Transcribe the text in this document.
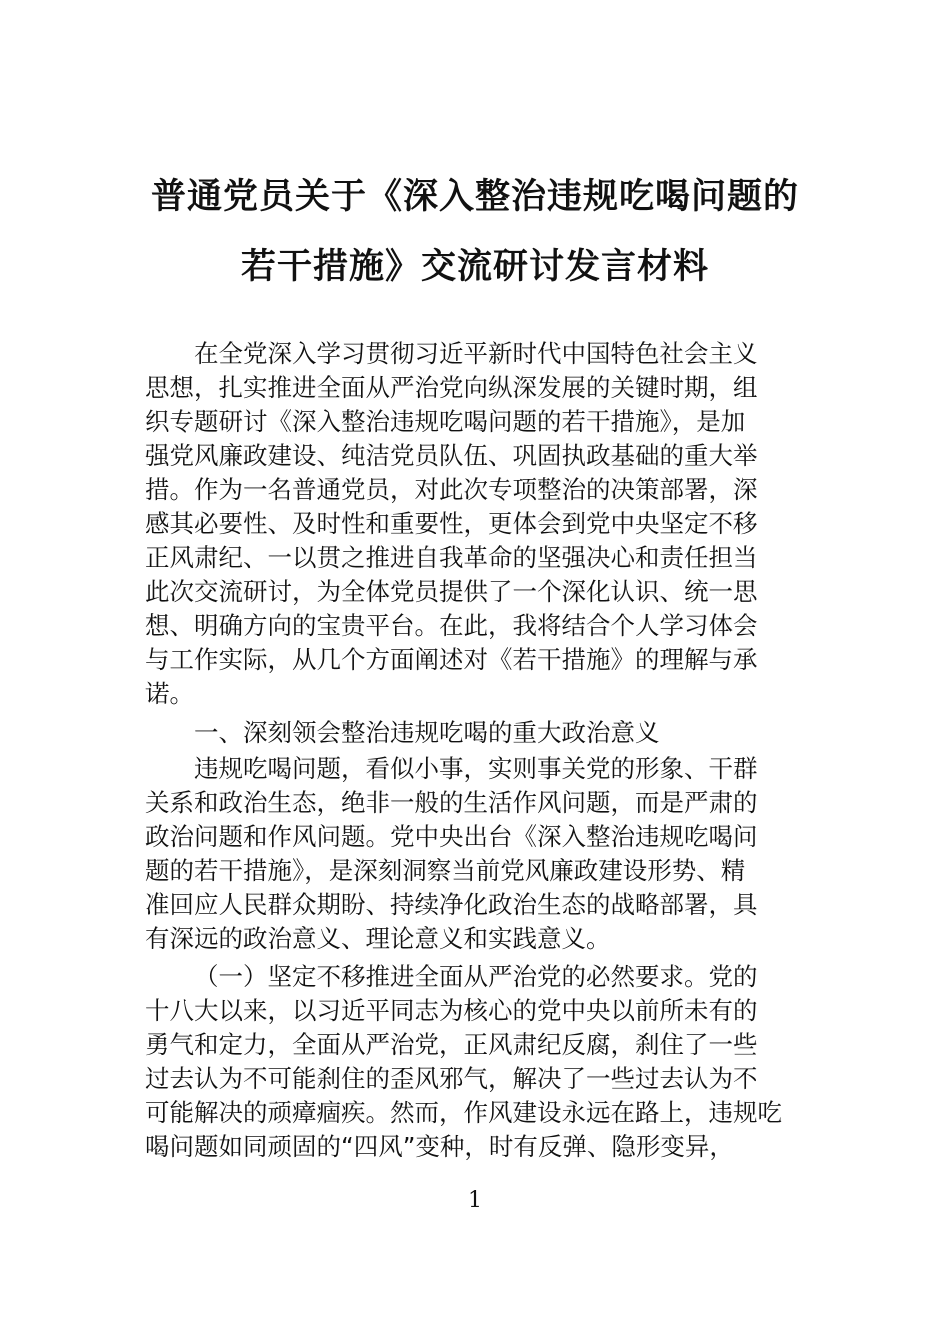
普通党员关于《深入整治违规吃喝问题的
若干措施》交流研讨发言材料
在全党深入学习贯彻习近平新时代中国特色社会主义
思想，扎实推进全面从严治党向纵深发展的关键时期，组
织专题研讨《深入整治违规吃喝问题的若干措施》，是加
强党风廉政建设、纯洁党员队伍、巩固执政基础的重大举
措。作为一名普通党员，对此次专项整治的决策部署，深
感其必要性、及时性和重要性，更体会到党中央坚定不移
正风肃纪、一以贯之推进自我革命的坚强决心和责任担当
此次交流研讨，为全体党员提供了一个深化认识、统一思
想、明确方向的宝贵平台。在此，我将结合个人学习体会
与工作实际，从几个方面阐述对《若干措施》的理解与承
诺。
一、深刻领会整治违规吃喝的重大政治意义
违规吃喝问题，看似小事，实则事关党的形象、干群
关系和政治生态，绝非一般的生活作风问题，而是严肃的
政治问题和作风问题。党中央出台《深入整治违规吃喝问
题的若干措施》，是深刻洞察当前党风廉政建设形势、精
准回应人民群众期盼、持续净化政治生态的战略部署，具
有深远的政治意义、理论意义和实践意义。
（一）坚定不移推进全面从严治党的必然要求。党的
十八大以来，以习近平同志为核心的党中央以前所未有的
勇气和定力，全面从严治党，正风肃纪反腐，刹住了一些
过去认为不可能刹住的歪风邪气，解决了一些过去认为不
可能解决的顽瘴痼疾。然而，作风建设永远在路上，违规吃
喝问题如同顽固的“四风”变种，时有反弹、隐形变异，
1
